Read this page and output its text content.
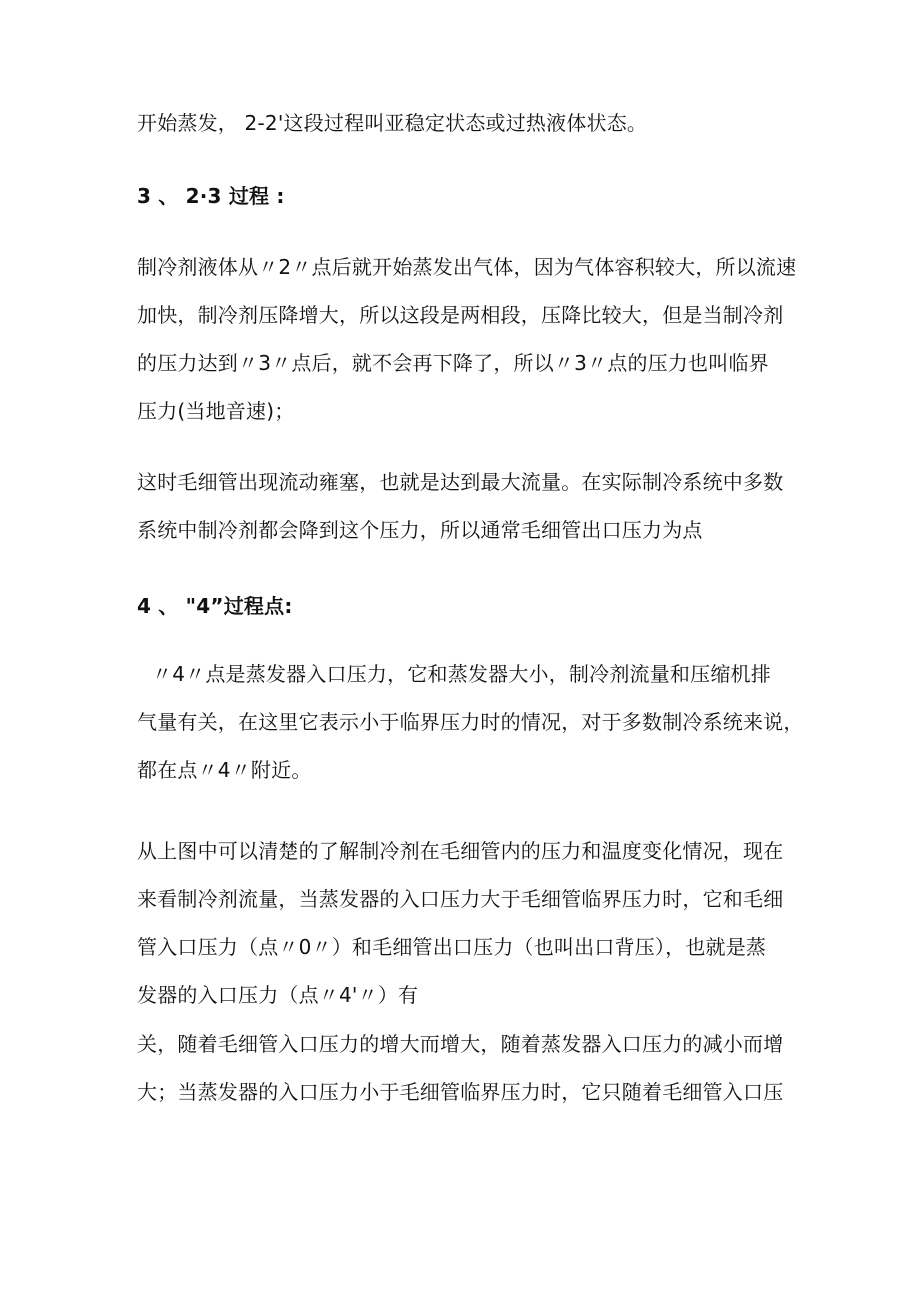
开始蒸发， 2-2'这段过程叫亚稳定状态或过热液体状态。
3 、 2·3 过程 :
制冷剂液体从〃2〃点后就开始蒸发出气体，因为气体容积较大，所以流速
加快，制冷剂压降增大，所以这段是两相段，压降比较大，但是当制冷剂
的压力达到〃3〃点后，就不会再下降了，所以〃3〃点的压力也叫临界
压力(当地音速)；
这时毛细管出现流动雍塞，也就是达到最大流量。在实际制冷系统中多数
系统中制冷剂都会降到这个压力，所以通常毛细管出口压力为点
4 、 "4”过程点:
〃4〃点是蒸发器入口压力，它和蒸发器大小，制冷剂流量和压缩机排
气量有关，在这里它表示小于临界压力时的情况，对于多数制冷系统来说，
都在点〃4〃附近。
从上图中可以清楚的了解制冷剂在毛细管内的压力和温度变化情况，现在
来看制冷剂流量，当蒸发器的入口压力大于毛细管临界压力时，它和毛细
管入口压力（点〃0〃）和毛细管出口压力（也叫出口背压），也就是蒸
发器的入口压力（点〃4'〃）有
关，随着毛细管入口压力的增大而增大，随着蒸发器入口压力的减小而增
大；当蒸发器的入口压力小于毛细管临界压力时，它只随着毛细管入口压
